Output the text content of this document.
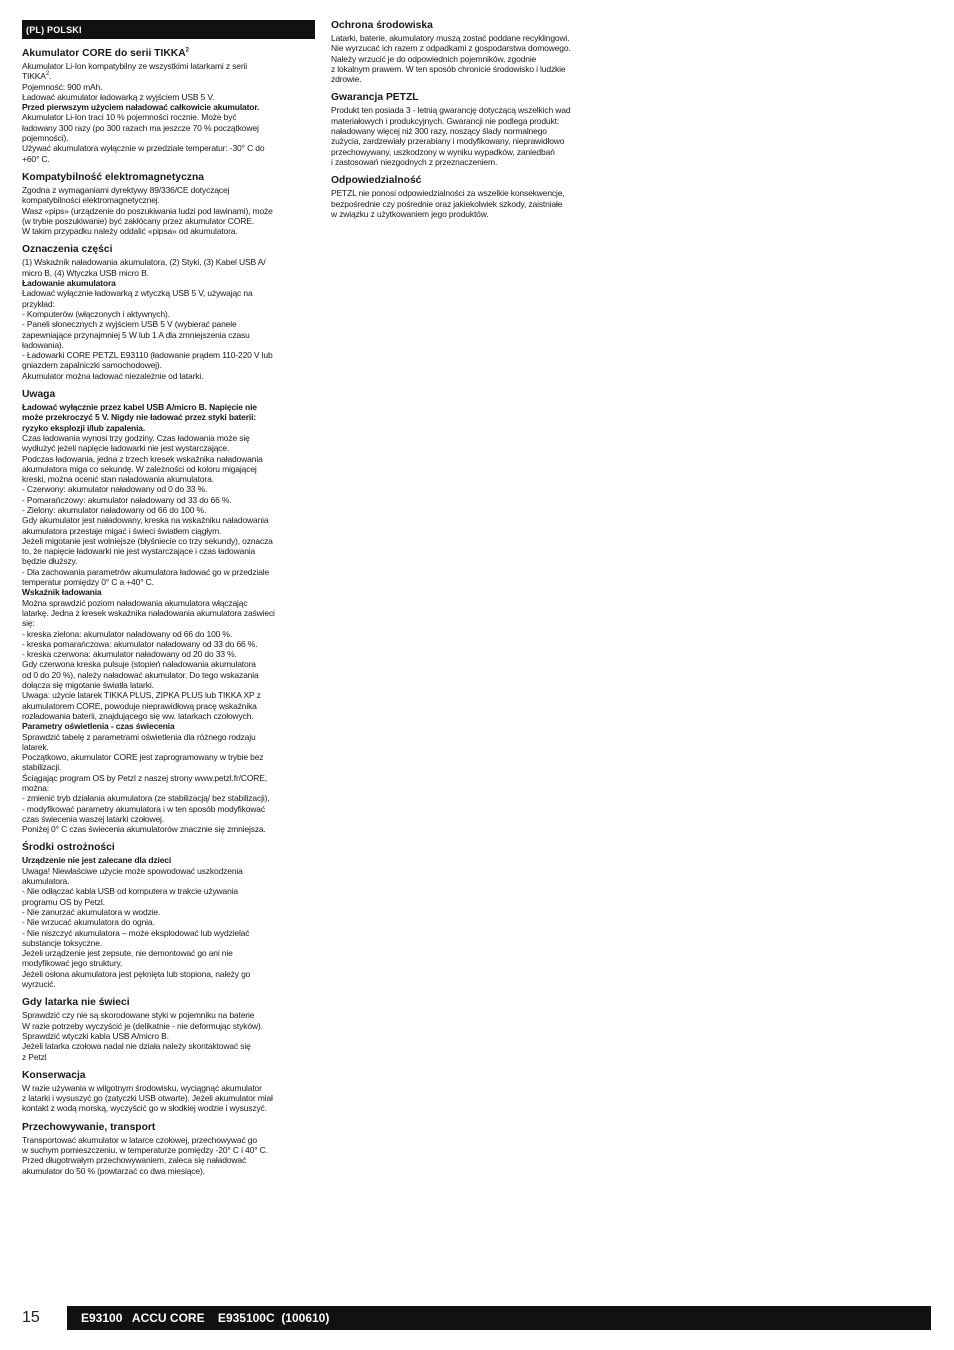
(PL) POLSKI
Akumulator CORE do serii TIKKA$^2$
Akumulator Li-Ion kompatybilny ze wszystkimi latarkami z serii
TIKKA$^2$.
Pojemność: 900 mAh.
Ładować akumulator ładowarką z wyjściem USB 5 V.
Przed pierwszym użyciem naładować całkowicie akumulator.
Akumulator Li-Ion traci 10 % pojemności rocznie. Może być
ładowany 300 razy (po 300 razach ma jeszcze 70 % początkowej
pojemności).
Używać akumulatora wyłącznie w przedziale temperatur: -30° C do
+60° C.
Kompatybilność elektromagnetyczna
Zgodna z wymaganiami dyrektywy 89/336/CE dotyczącej
kompatybilności elektromagnetycznej.
Wasz «pips» (urządzenie do poszukiwania ludzi pod lawinami), może
(w trybie poszukiwanie) być zakłócany przez akumulator CORE.
W takim przypadku należy oddalić «pipsa» od akumulatora.
Oznaczenia części
(1) Wskaźnik naładowania akumulatora, (2) Styki, (3) Kabel USB A/
micro B, (4) Wtyczka USB micro B.
Ładowanie akumulatora
Ładować wyłącznie ładowarką z wtyczką USB 5 V, używając na
przykład:
- Komputerów (włączonych i aktywnych).
- Paneli słonecznych z wyjściem USB 5 V (wybierać panele
zapewniające przynajmniej 5 W lub 1 A dla zmniejszenia czasu
ładowania).
- Ładowarki CORE PETZL E93110 (ładowanie prądem 110-220 V lub
gniazdem zapalniczki samochodowej).
Akumulator można ładować niezależnie od latarki.
Uwaga
Ładować wyłącznie przez kabel USB A/micro B. Napięcie nie
może przekroczyć 5 V. Nigdy nie ładować przez styki baterii:
ryzyko eksplozji i/lub zapalenia.
Czas ładowania wynosi trzy godziny. Czas ładowania może się
wydłużyć jeżeli napięcie ładowarki nie jest wystarczające.
Podczas ładowania, jedna z trzech kresek wskaźnika naładowania
akumulatora miga co sekundę. W zależności od koloru migającej
kreski, można ocenić stan naładowania akumulatora.
- Czerwony: akumulator naładowany od 0 do 33 %.
- Pomarańczowy: akumulator naładowany od 33 do 66 %.
- Zielony: akumulator naładowany od 66 do 100 %.
Gdy akumulator jest naładowany, kreska na wskaźniku naładowania
akumulatora przestaje migać i świeci światłem ciągłym.
Jeżeli migotanie jest wolniejsze (błyśniecie co trzy sekundy), oznacza
to, że napięcie ładowarki nie jest wystarczające i czas ładowania
będzie dłuższy.
- Dla zachowania parametrów akumulatora ładować go w przedziale
temperatur pomiędzy 0° C a +40° C.
Wskaźnik ładowania
Można sprawdzić poziom naładowania akumulatora włączając
latarkę. Jedna z kresek wskaźnika naładowania akumulatora zaświeci
się:
- kreska zielona: akumulator naładowany od 66 do 100 %.
- kreska pomarańczowa: akumulator naładowany od 33 do 66 %.
- kreska czerwona: akumulator naładowany od 20 do 33 %.
Gdy czerwona kreska pulsuje (stopień naładowania akumulatora
od 0 do 20 %), należy naładować akumulator. Do tego wskazania
dołącza się migotanie światła latarki.
Uwaga: użycie latarek TIKKA PLUS, ZIPKA PLUS lub TIKKA XP z
akumulatorem CORE, powoduje nieprawidłową pracę wskaźnika
rozładowania baterii, znajdującego się ww. latarkach czołowych.
Parametry oświetlenia - czas świecenia
Sprawdzić tabelę z parametrami oświetlenia dla różnego rodzaju
latarek.
Początkowo, akumulator CORE jest zaprogramowany w trybie bez
stabilizacji.
Ściągając program OS by Petzl z naszej strony www.petzl.fr/CORE,
można:
- zmienić tryb działania akumulatora (ze stabilizacją/ bez stabilizacji),
- modyfikować parametry akumulatora i w ten sposób modyfikować
czas świecenia waszej latarki czołowej.
Poniżej 0° C czas świecenia akumulatorów znacznie się zmniejsza.
Środki ostrożności
Urządzenie nie jest zalecane dla dzieci
Uwaga! Niewłaściwe użycie może spowodować uszkodzenia
akumulatora.
- Nie odłączać kabla USB od komputera w trakcie używania
programu OS by Petzl.
- Nie zanurzać akumulatora w wodzie.
- Nie wrzucać akumulatora do ognia.
- Nie niszczyć akumulatora – może eksplodować lub wydzielać
substancje toksyczne.
Jeżeli urządzenie jest zepsute, nie demontować go ani nie
modyfikować jego struktury.
Jeżeli osłona akumulatora jest pęknięta lub stopiona, należy go
wyrzucić.
Gdy latarka nie świeci
Sprawdzić czy nie są skorodowane styki w pojemniku na baterie
W razie potrzeby wyczyścić je (delikatnie - nie deformując styków).
Sprawdzić wtyczki kabla USB A/micro B.
Jeżeli latarka czołowa nadal nie działa należy skontaktować się
z Petzl
Konserwacja
W razie używania w wilgotnym środowisku, wyciągnąć akumulator
z latarki i wysuszyć go (zatyczki USB otwarte). Jeżeli akumulator miał
kontakt z wodą morską, wyczyścić go w słodkiej wodzie i wysuszyć.
Przechowywanie, transport
Transportować akumulator w latarce czołowej, przechowywać go
w suchym pomieszczeniu, w temperaturze pomiędzy -20° C i 40° C.
Przed długotrwałym przechowywaniem, zaleca się naładować
akumulator do 50 % (powtarzać co dwa miesiące).
Ochrona środowiska
Latarki, baterie, akumulatory muszą zostać poddane recyklingowi.
Nie wyrzucać ich razem z odpadkami z gospodarstwa domowego.
Należy wrzucić je do odpowiednich pojemników, zgodnie
z lokalnym prawem. W ten sposób chronicie środowisko i ludzkie
zdrowie.
Gwarancja PETZL
Produkt ten posiada 3 - letnią gwarancję dotyczącą wszelkich wad
materiałowych i produkcyjnych. Gwarancji nie podlega produkt:
naładowany więcej niż 300 razy, noszący ślady normalnego
zużycia, zardzewiały przerabiany i modyfikowany, nieprawidłowo
przechowywany, uszkodzony w wyniku wypadków, zaniedbań
i zastosowań niezgodnych z przeznaczeniem.
Odpowiedzialność
PETZL nie ponosi odpowiedzialności za wszelkie konsekwencje,
bezpośrednie czy pośrednie oraz jakiekolwiek szkody, zaistniałe
w związku z użytkowaniem jego produktów.
15	E93100   ACCU CORE    E935100C  (100610)
